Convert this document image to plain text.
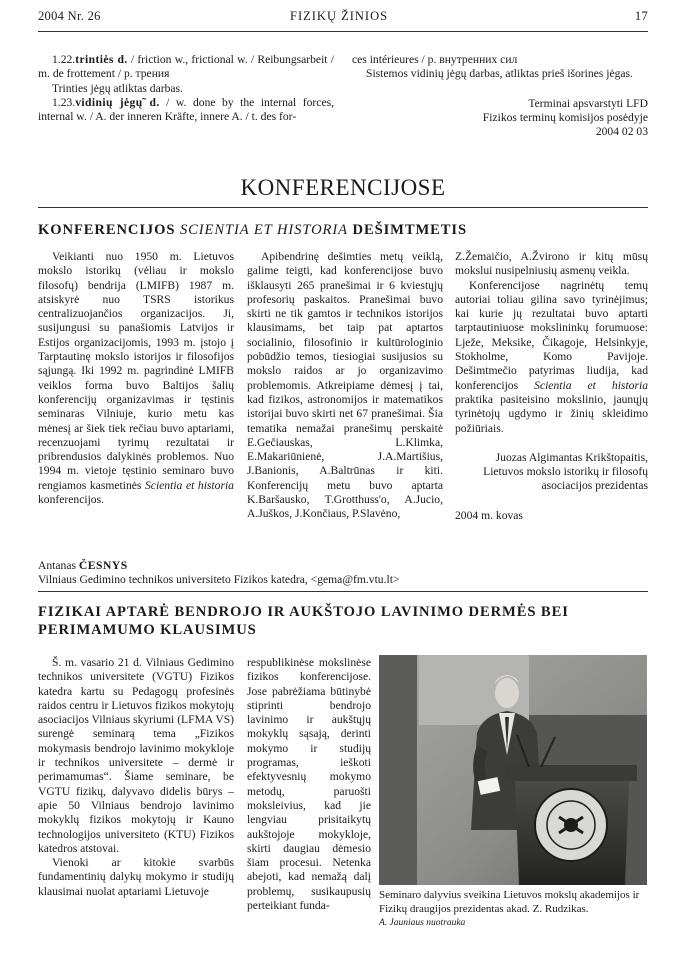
2004 Nr. 26	FIZIKŲ ŽINIOS	17

1.22.trintiės d. / friction w., frictional w. / Reibungsarbeit / m. de frottement / p. трения

Trinties jėgų atliktas darbas.

1.23.vidinių jėgų̃ d. / w. done by the internal forces, internal w. / A. der inneren Kräfte, innere A. / t. des for-

ces intérieures / p. внутренних сил
Sistemos vidinių jėgų darbas, atliktas prieš išorines jėgas.
Terminai apsvarstyti LFD
Fizikos terminų komisijos posėdyje
2004 02 03
KONFERENCIJOSE
KONFERENCIJOS SCIENTIA ET HISTORIA DEŠIMTMETIS

Veikianti nuo 1950 m. Lietuvos mokslo istorikų (vėliau ir mokslo filosofų) bendrija (LMIFB) 1987 m. atsiskyrė nuo TSRS istorikus centralizuojančios organizacijos. Ji, susijungusi su panašiomis Latvijos ir Estijos organizacijomis, 1993 m. įstojo į Tarptautinę mokslo istorijos ir filosofijos sąjungą. Iki 1992 m. pagrindinė LMIFB veiklos forma buvo Baltijos šalių konferencijų organizavimas ir tęstinis seminaras Vilniuje, kurio metu kas mėnesį ar šiek tiek rečiau buvo aptariami, recenzuojami tyrimų rezultatai ir pribrendusios dalykinės problemos. Nuo 1994 m. vietoje tęstinio seminaro buvo rengiamos kasmetinės Scientia et historia konferencijos.

Apibendrinę dešimties metų veiklą, galime teigti, kad konferencijose buvo išklausyti 265 pranešimai ir 6 kviestųjų profesorių paskaitos. Pranešimai buvo skirti ne tik gamtos ir technikos istorijos klausimams, bet taip pat aptartos socialinio, filosofinio ir kultūrologinio pobūdžio temos, tiesiogiai susijusios su mokslo raidos ar jo organizavimo problemomis. Atkreipiame dėmesį į tai, kad fizikos, astronomijos ir matematikos istorijai buvo skirti net 67 pranešimai. Šia tematika nemažai pranešimų perskaitė E.Gečiauskas, L.Klimka, E.Makariūnienė, J.A.Martišius, J.Banionis, A.Baltrūnas ir kiti. Konferencijų metu buvo aptarta K.Baršausko, T.Grotthuss'o, A.Jucio, A.Juškos, J.Končiaus, P.Slavėno,

Z.Žemaičio, A.Žvirono ir kitų mūsų mokslui nusipelniusių asmenų veikla.

Konferencijose nagrinėtų temų autoriai toliau gilina savo tyrinėjimus; kai kurie jų rezultatai buvo aptarti tarptautiniuose mokslininkų forumuose: Lježe, Meksike, Čikagoje, Helsinkyje, Stokholme, Komo Pavijoje. Dešimtmečio patyrimas liudija, kad konferencijos Scientia et historia praktika pasiteisino mokslinio, jaunųjų tyrinėtojų ugdymo ir žinių skleidimo požiūriais.

Juozas Algimantas Krikštopaitis,
Lietuvos mokslo istorikų ir filosofų
asociacijos prezidentas
2004 m. kovas
Antanas ČESNYS
Vilniaus Gedimino technikos universiteto Fizikos katedra, <gema@fm.vtu.lt>
FIZIKAI APTARĖ BENDROJO IR AUKŠTOJO LAVINIMO DERMĖS BEI
PERIMAMUMO KLAUSIMUS

Š. m. vasario 21 d. Vilniaus Gedimino technikos universitete (VGTU) Fizikos katedra kartu su Pedagogų profesinės raidos centru ir Lietuvos fizikos mokytojų asociacijos Vilniaus skyriumi (LFMA VS) surengė seminarą tema „Fizikos mokymasis bendrojo lavinimo mokykloje ir technikos universitete – dermė ir perimamumas“. Šiame seminare, be VGTU fizikų, dalyvavo didelis būrys – apie 50 Vilniaus bendrojo lavinimo mokyklų fizikos mokytojų ir Kauno technologijos universiteto (KTU) Fizikos katedros atstovai.

Vienoki ar kitokie svarbūs fundamentinių dalykų mokymo ir studijų klausimai nuolat aptariami Lietuvoje

respublikinėse mokslinėse fizikos konferencijose. Jose pabrėžiama būtinybė stiprinti bendrojo lavinimo ir aukštųjų mokyklų sąsają, derinti mokymo ir studijų programas, ieškoti efektyvesnių mokymo metodų, paruošti moksleivius, kad jie lengviau prisitaikytų aukštojoje mokykloje, skirti daugiau dėmesio šiam procesui. Netenka abejoti, kad nemažą dalį problemų, susikaupusių perteikiant funda-

Seminaro dalyvius sveikina Lietuvos mokslų akademijos ir Fizikų draugijos prezidentas akad. Z. Rudzikas.
A. Jauniaus nuotrauka
